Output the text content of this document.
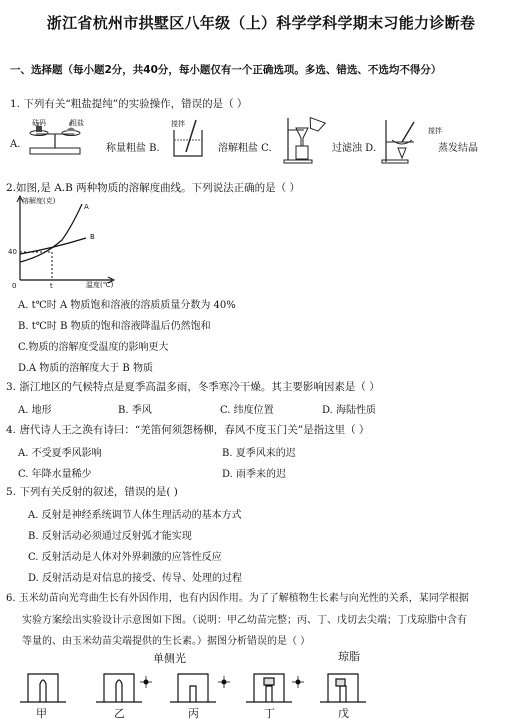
浙江省杭州市拱墅区八年级（上）科学学科学期末习能力诊断卷
一、选择题（每小题2分，共40分，每小题仅有一个正确选项。多选、错选、不选均不得分）
1. 下列有关“粗盐提纯”的实验操作，错误的是（ ）
A.
砝码	粗盐
称量粗盐 B.
搅拌
溶解粗盐 C.	过滤浊 D.
搅拌
蒸发结晶
2.如图,是 A.B 两种物质的溶解度曲线。下列说法正确的是（ ）
溶解度(克)
40
t
0	温度(℃)
A
B
A. t℃时 A 物质饱和溶液的溶质质量分数为 40%
B. t℃时 B 物质的饱和溶液降温后仍然饱和
C.物质的溶解度受温度的影响更大
D.A 物质的溶解度大于 B 物质
3. 浙江地区的气候特点是夏季高温多雨，冬季寒冷干燥。其主要影响因素是（ ）
A. 地形	B. 季风	C. 纬度位置	D. 海陆性质
4. 唐代诗人王之涣有诗曰：“羌笛何须怨杨柳，春风不度玉门关”是指这里（ ）
A. 不受夏季风影响	B. 夏季风来的迟
C. 年降水量稀少	D. 雨季来的迟
5. 下列有关反射的叙述，错误的是( )
A. 反射是神经系统调节人体生理活动的基本方式
B. 反射活动必须通过反射弧才能实现
C. 反射活动是人体对外界刺激的应答性反应
D. 反射活动是对信息的接受、传导、处理的过程
6. 玉米幼苗向光弯曲生长有外因作用，也有内因作用。为了了解植物生长素与向光性的关系，某同学根据
实验方案绘出实验设计示意图如下图。（说明：甲乙幼苗完整；丙、丁、戊切去尖端；丁戊琼脂中含有
等量的、由玉米幼苗尖端提供的生长素。）据图分析错误的是（ ）
单侧光	琼脂
甲	乙	丙	丁	戊
